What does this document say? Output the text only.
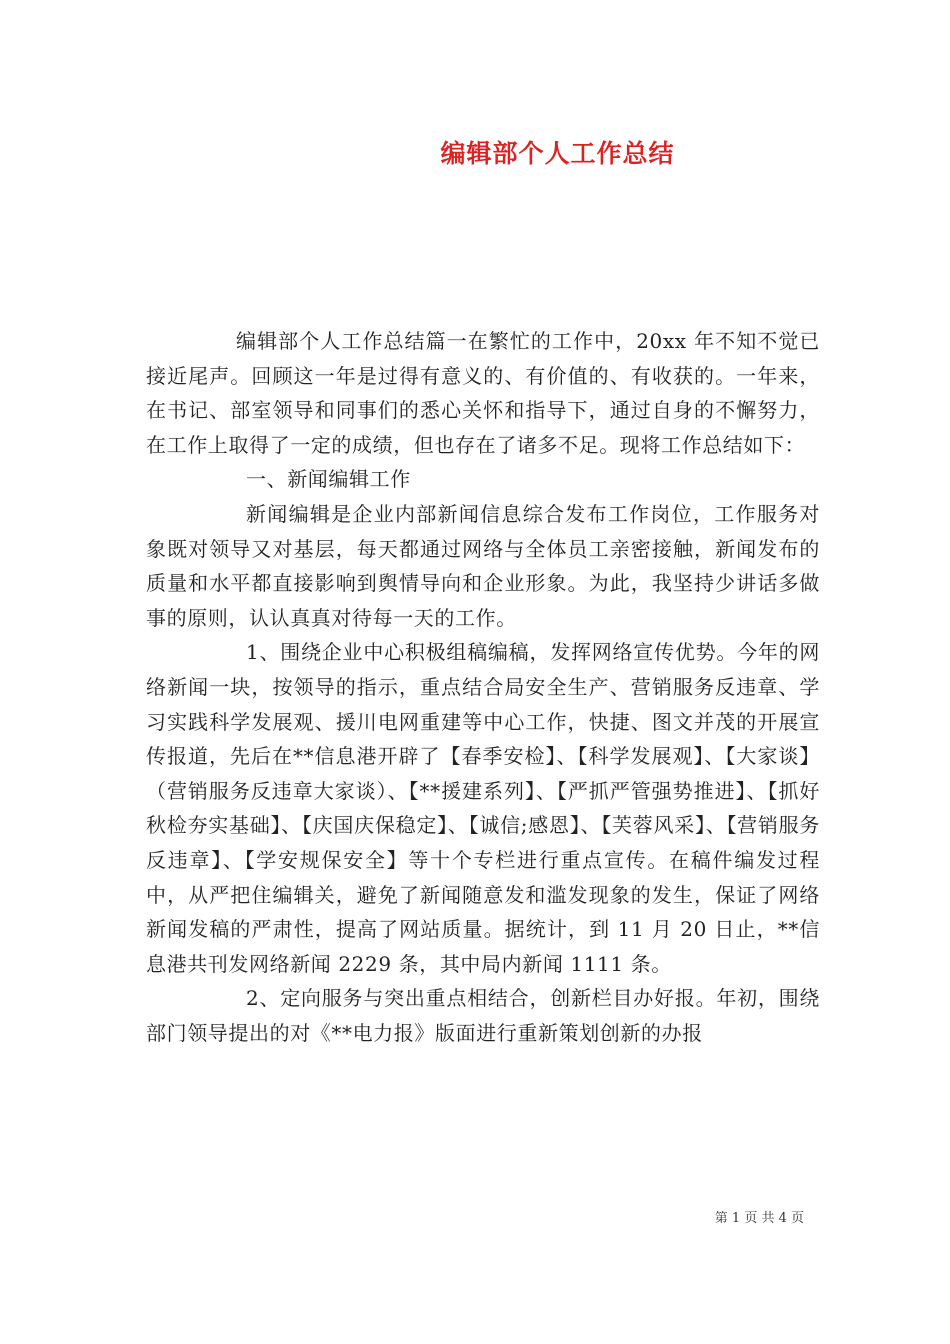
编辑部个人工作总结

编辑部个人工作总结篇一在繁忙的工作中，20xx 年不知不觉已接近尾声。回顾这一年是过得有意义的、有价值的、有收获的。一年来，在书记、部室领导和同事们的悉心关怀和指导下，通过自身的不懈努力，在工作上取得了一定的成绩，但也存在了诸多不足。现将工作总结如下：

一、新闻编辑工作

新闻编辑是企业内部新闻信息综合发布工作岗位，工作服务对象既对领导又对基层，每天都通过网络与全体员工亲密接触，新闻发布的质量和水平都直接影响到舆情导向和企业形象。为此，我坚持少讲话多做事的原则，认认真真对待每一天的工作。

1、围绕企业中心积极组稿编稿，发挥网络宣传优势。今年的网络新闻一块，按领导的指示，重点结合局安全生产、营销服务反违章、学习实践科学发展观、援川电网重建等中心工作，快捷、图文并茂的开展宣传报道，先后在**信息港开辟了【春季安检】、【科学发展观】、【大家谈】（营销服务反违章大家谈）、【**援建系列】、【严抓严管强势推进】、【抓好秋检夯实基础】、【庆国庆保稳定】、【诚信;感恩】、【芙蓉风采】、【营销服务反违章】、【学安规保安全】等十个专栏进行重点宣传。在稿件编发过程中，从严把住编辑关，避免了新闻随意发和滥发现象的发生，保证了网络新闻发稿的严肃性，提高了网站质量。据统计，到 11 月 20 日止，**信息港共刊发网络新闻 2229 条，其中局内新闻 1111 条。

2、定向服务与突出重点相结合，创新栏目办好报。年初，围绕部门领导提出的对《**电力报》版面进行重新策划创新的办报

第 1 页 共 4 页
